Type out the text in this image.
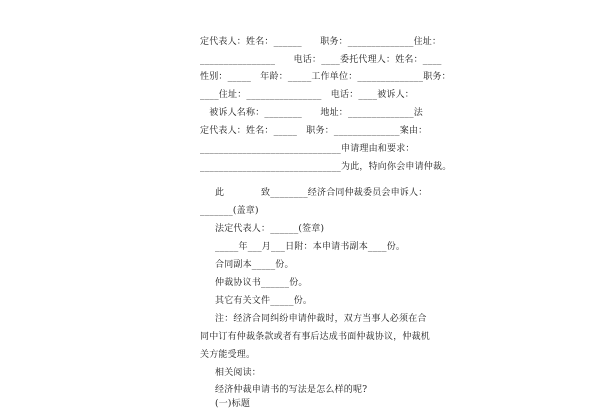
定代表人：姓名：______　　职务：______________住址：
________________　　电话：____委托代理人：姓名：____
性别：_____　年龄：_____工作单位：______________职务：
____住址：________________　电话：____被诉人：
　被诉人名称：________　　地址：______________法
定代表人：姓名：_____　职务：______________案由：
______________________________申请理由和要求：
______________________________为此，特向你会申请仲裁。
此　　　　致________经济合同仲裁委员会申诉人：
_______(盖章)
法定代表人：______(签章)
_____年___月___日附：本申请书副本____份。
合同副本_____份。
仲裁协议书______份。
其它有关文件_____份。
注：经济合同纠纷申请仲裁时，双方当事人必须在合
同中订有仲裁条款或者有事后达成书面仲裁协议，仲裁机
关方能受理。
相关阅读：
经济仲裁申请书的写法是怎么样的呢?
(一)标题
